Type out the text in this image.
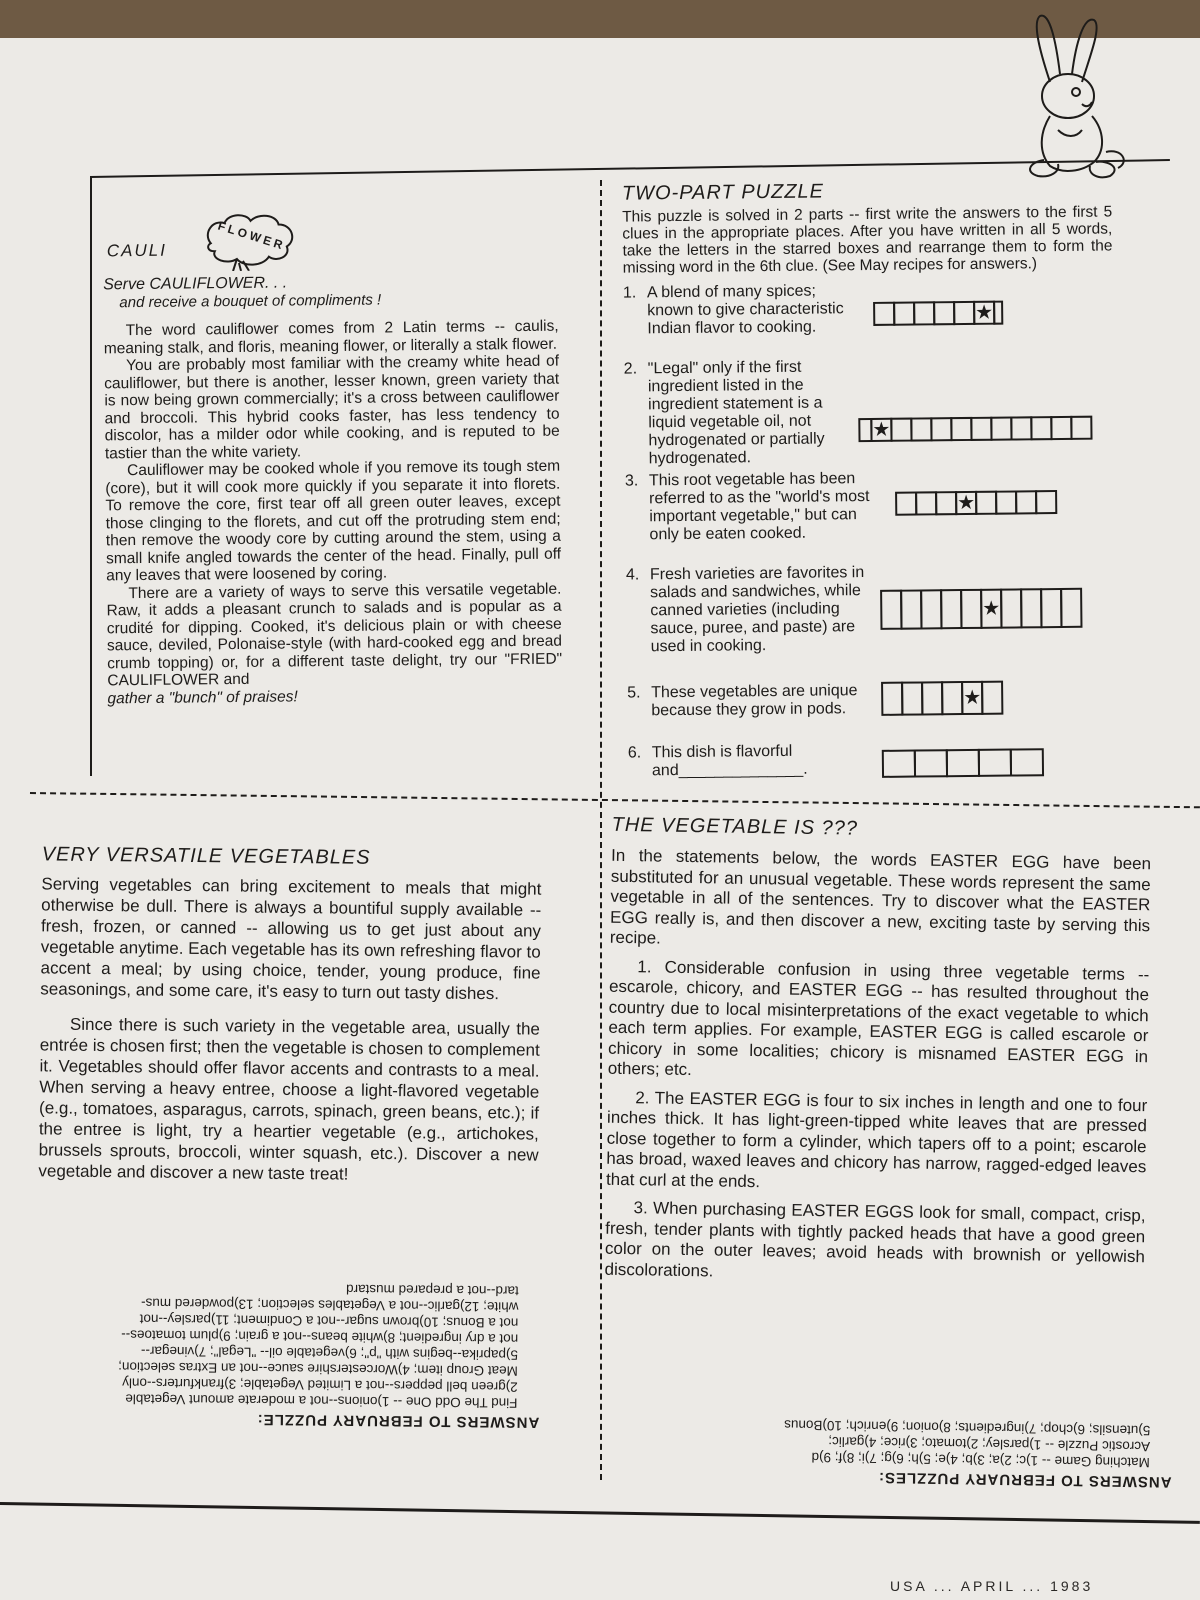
CAULI	FLOWER
Serve CAULIFLOWER. . .
and receive a bouquet of compliments !

The word cauliflower comes from 2 Latin terms -- caulis, meaning stalk, and floris, meaning flower, or literally a stalk flower.

You are probably most familiar with the creamy white head of cauliflower, but there is another, lesser known, green variety that is now being grown commercially; it's a cross between cauliflower and broccoli. This hybrid cooks faster, has less tendency to discolor, has a milder odor while cooking, and is reputed to be tastier than the white variety.

Cauliflower may be cooked whole if you remove its tough stem (core), but it will cook more quickly if you separate it into florets. To remove the core, first tear off all green outer leaves, except those clinging to the florets, and cut off the protruding stem end; then remove the woody core by cutting around the stem, using a small knife angled towards the center of the head. Finally, pull off any leaves that were loosened by coring.

There are a variety of ways to serve this versatile vegetable. Raw, it adds a pleasant crunch to salads and is popular as a crudité for dipping. Cooked, it's delicious plain or with cheese sauce, deviled, Polonaise-style (with hard-cooked egg and bread crumb topping) or, for a different taste delight, try our "FRIED" CAULIFLOWER and

gather a "bunch" of praises!

TWO-PART PUZZLE

This puzzle is solved in 2 parts -- first write the answers to the first 5 clues in the appropriate places. After you have written in all 5 words, take the letters in the starred boxes and rearrange them to form the missing word in the 6th clue. (See May recipes for answers.)

1. A blend of many spices; known to give characteristic Indian flavor to cooking.
★
2. "Legal" only if the first ingredient listed in the ingredient statement is a liquid vegetable oil, not hydrogenated or partially hydrogenated.
★
3. This root vegetable has been referred to as the "world's most important vegetable," but can only be eaten cooked.
★
4. Fresh varieties are favorites in salads and sandwiches, while canned varieties (including sauce, puree, and paste) are used in cooking.
★
5. These vegetables are unique because they grow in pods.
★
6. This dish is flavorful and______________.
VERY VERSATILE VEGETABLES

Serving vegetables can bring excitement to meals that might otherwise be dull. There is always a bountiful supply available -- fresh, frozen, or canned -- allowing us to get just about any vegetable anytime. Each vegetable has its own refreshing flavor to accent a meal; by using choice, tender, young produce, fine seasonings, and some care, it's easy to turn out tasty dishes.

Since there is such variety in the vegetable area, usually the entrée is chosen first; then the vegetable is chosen to complement it. Vegetables should offer flavor accents and contrasts to a meal. When serving a heavy entree, choose a light-flavored vegetable (e.g., tomatoes, asparagus, carrots, spinach, green beans, etc.); if the entree is light, try a heartier vegetable (e.g., artichokes, brussels sprouts, broccoli, winter squash, etc.). Discover a new vegetable and discover a new taste treat!

THE VEGETABLE IS ???

In the statements below, the words EASTER EGG have been substituted for an unusual vegetable. These words represent the same vegetable in all of the sentences. Try to discover what the EASTER EGG really is, and then discover a new, exciting taste by serving this recipe.

1. Considerable confusion in using three vegetable terms -- escarole, chicory, and EASTER EGG -- has resulted throughout the country due to local misinterpretations of the exact vegetable to which each term applies. For example, EASTER EGG is called escarole or chicory in some localities; chicory is misnamed EASTER EGG in others; etc.

2. The EASTER EGG is four to six inches in length and one to four inches thick. It has light-green-tipped white leaves that are pressed close together to form a cylinder, which tapers off to a point; escarole has broad, waxed leaves and chicory has narrow, ragged-edged leaves that curl at the ends.

3. When purchasing EASTER EGGS look for small, compact, crisp, fresh, tender plants with tightly packed heads that have a good green color on the outer leaves; avoid heads with brownish or yellowish discolorations.

ANSWERS TO FEBRUARY PUZZLE:

Find The Odd One -- 1)onions--not a moderate amount Vegetable

2)green bell peppers--not a Limited Vegetable; 3)frankfurters--only

Meat Group item; 4)Worcestershire sauce--not an Extras selection;

5)paprika--begins with "p"; 6)vegetable oil-- "Legal"; 7)vinegar--

not a dry ingredient; 8)white beans--not a grain; 9)plum tomatoes--

not a Bonus; 10)brown sugar--not a Condiment; 11)parsley--not

white; 12)garlic--not a Vegetables selection; 13)powdered mus-

tard--not a prepared mustard

ANSWERS TO FEBRUARY PUZZLES:

Matching Game -- 1)c; 2)a; 3)b; 4)e; 5)h; 6)g; 7)i; 8)f; 9)d

Acrostic Puzzle -- 1)parsley; 2)tomato; 3)rice; 4)garlic;

5)utensils; 6)chop; 7)ingredients; 8)onion; 9)enrich; 10)Bonus

USA ... APRIL ... 1983
